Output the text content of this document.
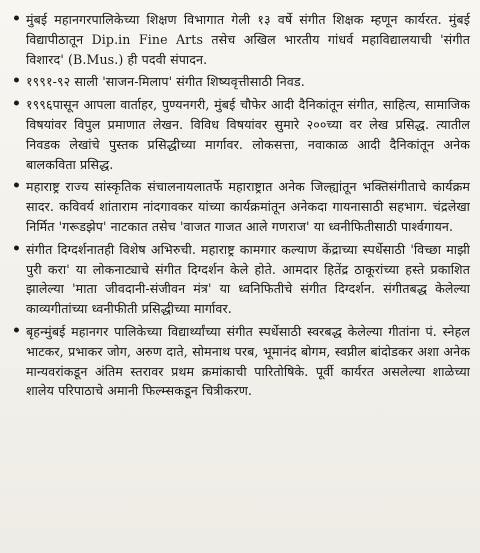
• मुंबई महानगरपालिकेच्या शिक्षण विभागात गेली १३ वर्षे संगीत शिक्षक म्हणून कार्यरत. मुंबई विद्यापीठातून Dip.in Fine Arts तसेच अखिल भारतीय गांधर्व महाविद्यालयाची 'संगीत विशारद' (B.Mus.) ही पदवी संपादन.
• १९९१-९२ साली 'साजन-मिलाप' संगीत शिष्यवृत्तीसाठी निवड.
• १९९६पासून आपला वार्ताहर, पुण्यनगरी, मुंबई चौफेर आदी दैनिकांतून संगीत, साहित्य, सामाजिक विषयांवर विपुल प्रमाणात लेखन. विविध विषयांवर सुमारे २००च्या वर लेख प्रसिद्ध. त्यातील निवडक लेखांचे पुस्तक प्रसिद्धीच्या मार्गावर. लोकसत्ता, नवाकाळ आदी दैनिकांतून अनेक बालकविता प्रसिद्ध.
• महाराष्ट्र राज्य सांस्कृतिक संचालनायलातर्फे महाराष्ट्रात अनेक जिल्ह्यांतून भक्तिसंगीताचे कार्यक्रम सादर. कविवर्य शांताराम नांदगावकर यांच्या कार्यक्रमांतून अनेकदा गायनासाठी सहभाग. चंद्रलेखा निर्मित 'गरूडझेप' नाटकात तसेच 'वाजत गाजत आले गणराज' या ध्वनीफितीसाठी पार्श्वगायन.
• संगीत दिग्दर्शनातही विशेष अभिरुची. महाराष्ट्र कामगार कल्याण केंद्राच्या स्पर्धेसाठी 'विच्छा माझी पुरी करा' या लोकनाट्याचे संगीत दिग्दर्शन केले होते. आमदार हितेंद्र ठाकूरांच्या हस्ते प्रकाशित झालेल्या 'माता जीवदानी-संजीवन मंत्र' या ध्वनिफितीचे संगीत दिग्दर्शन. संगीतबद्ध केलेल्या काव्यगीतांच्या ध्वनीफीती प्रसिद्धीच्या मार्गावर.
• बृहन्मुंबई महानगर पालिकेच्या विद्यार्थ्यांच्या संगीत स्पर्धेसाठी स्वरबद्ध केलेल्या गीतांना पं. स्नेहल भाटकर, प्रभाकर जोग, अरुण दाते, सोमनाथ परब, भूमानंद बोगम, स्वप्नील बांदोडकर अशा अनेक मान्यवरांकडून अंतिम स्तरावर प्रथम क्रमांकाची पारितोषिके. पूर्वी कार्यरत असलेल्या शाळेच्या शालेय परिपाठाचे अमानी फिल्म्सकडून चित्रीकरण.
